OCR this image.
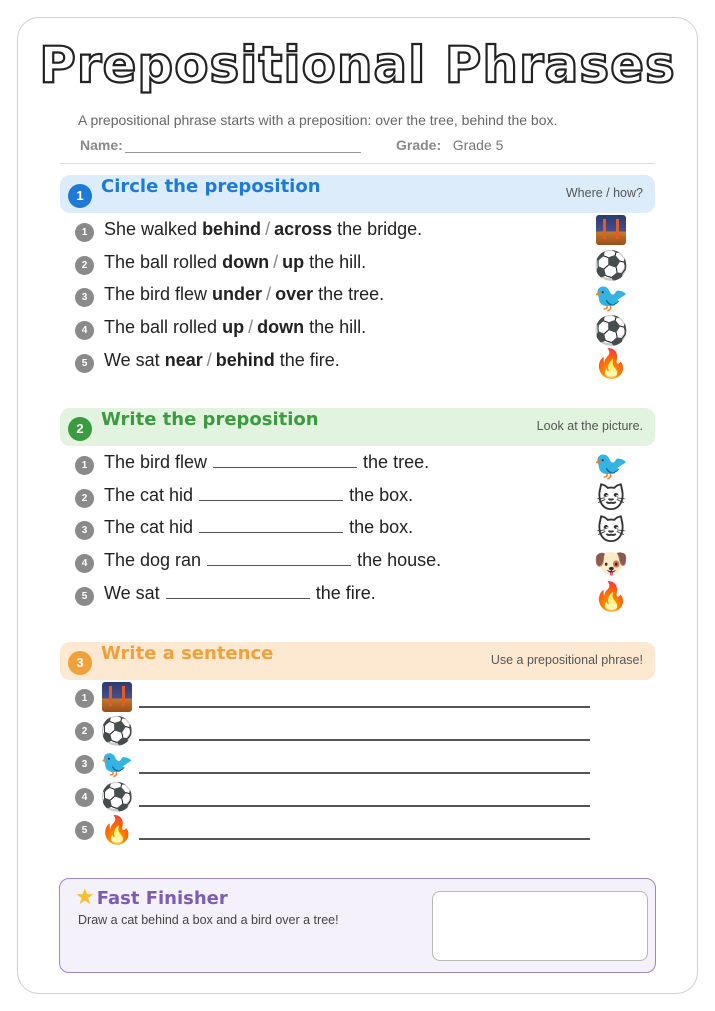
Prepositional Phrases
A prepositional phrase starts with a preposition: over the tree, behind the box.
Name:	Grade: Grade 5
1 Circle the preposition	Where / how?
1 She walked behind / across the bridge.
2 The ball rolled down / up the hill.	⚽
3 The bird flew under / over the tree.	🐦
4 The ball rolled up / down the hill.	⚽
5 We sat near / behind the fire.	🔥
2 Write the preposition	Look at the picture.
1 The bird flew	the tree.	🐦
2 The cat hid	the box.	🐱
3 The cat hid	the box.	🐱
4 The dog ran	the house.	🐶
5 We sat	the fire.	🔥
3 Write a sentence	Use a prepositional phrase!
1
2 ⚽
3 🐦
4 ⚽
5 🔥
★ Fast Finisher
Draw a cat behind a box and a bird over a tree!
